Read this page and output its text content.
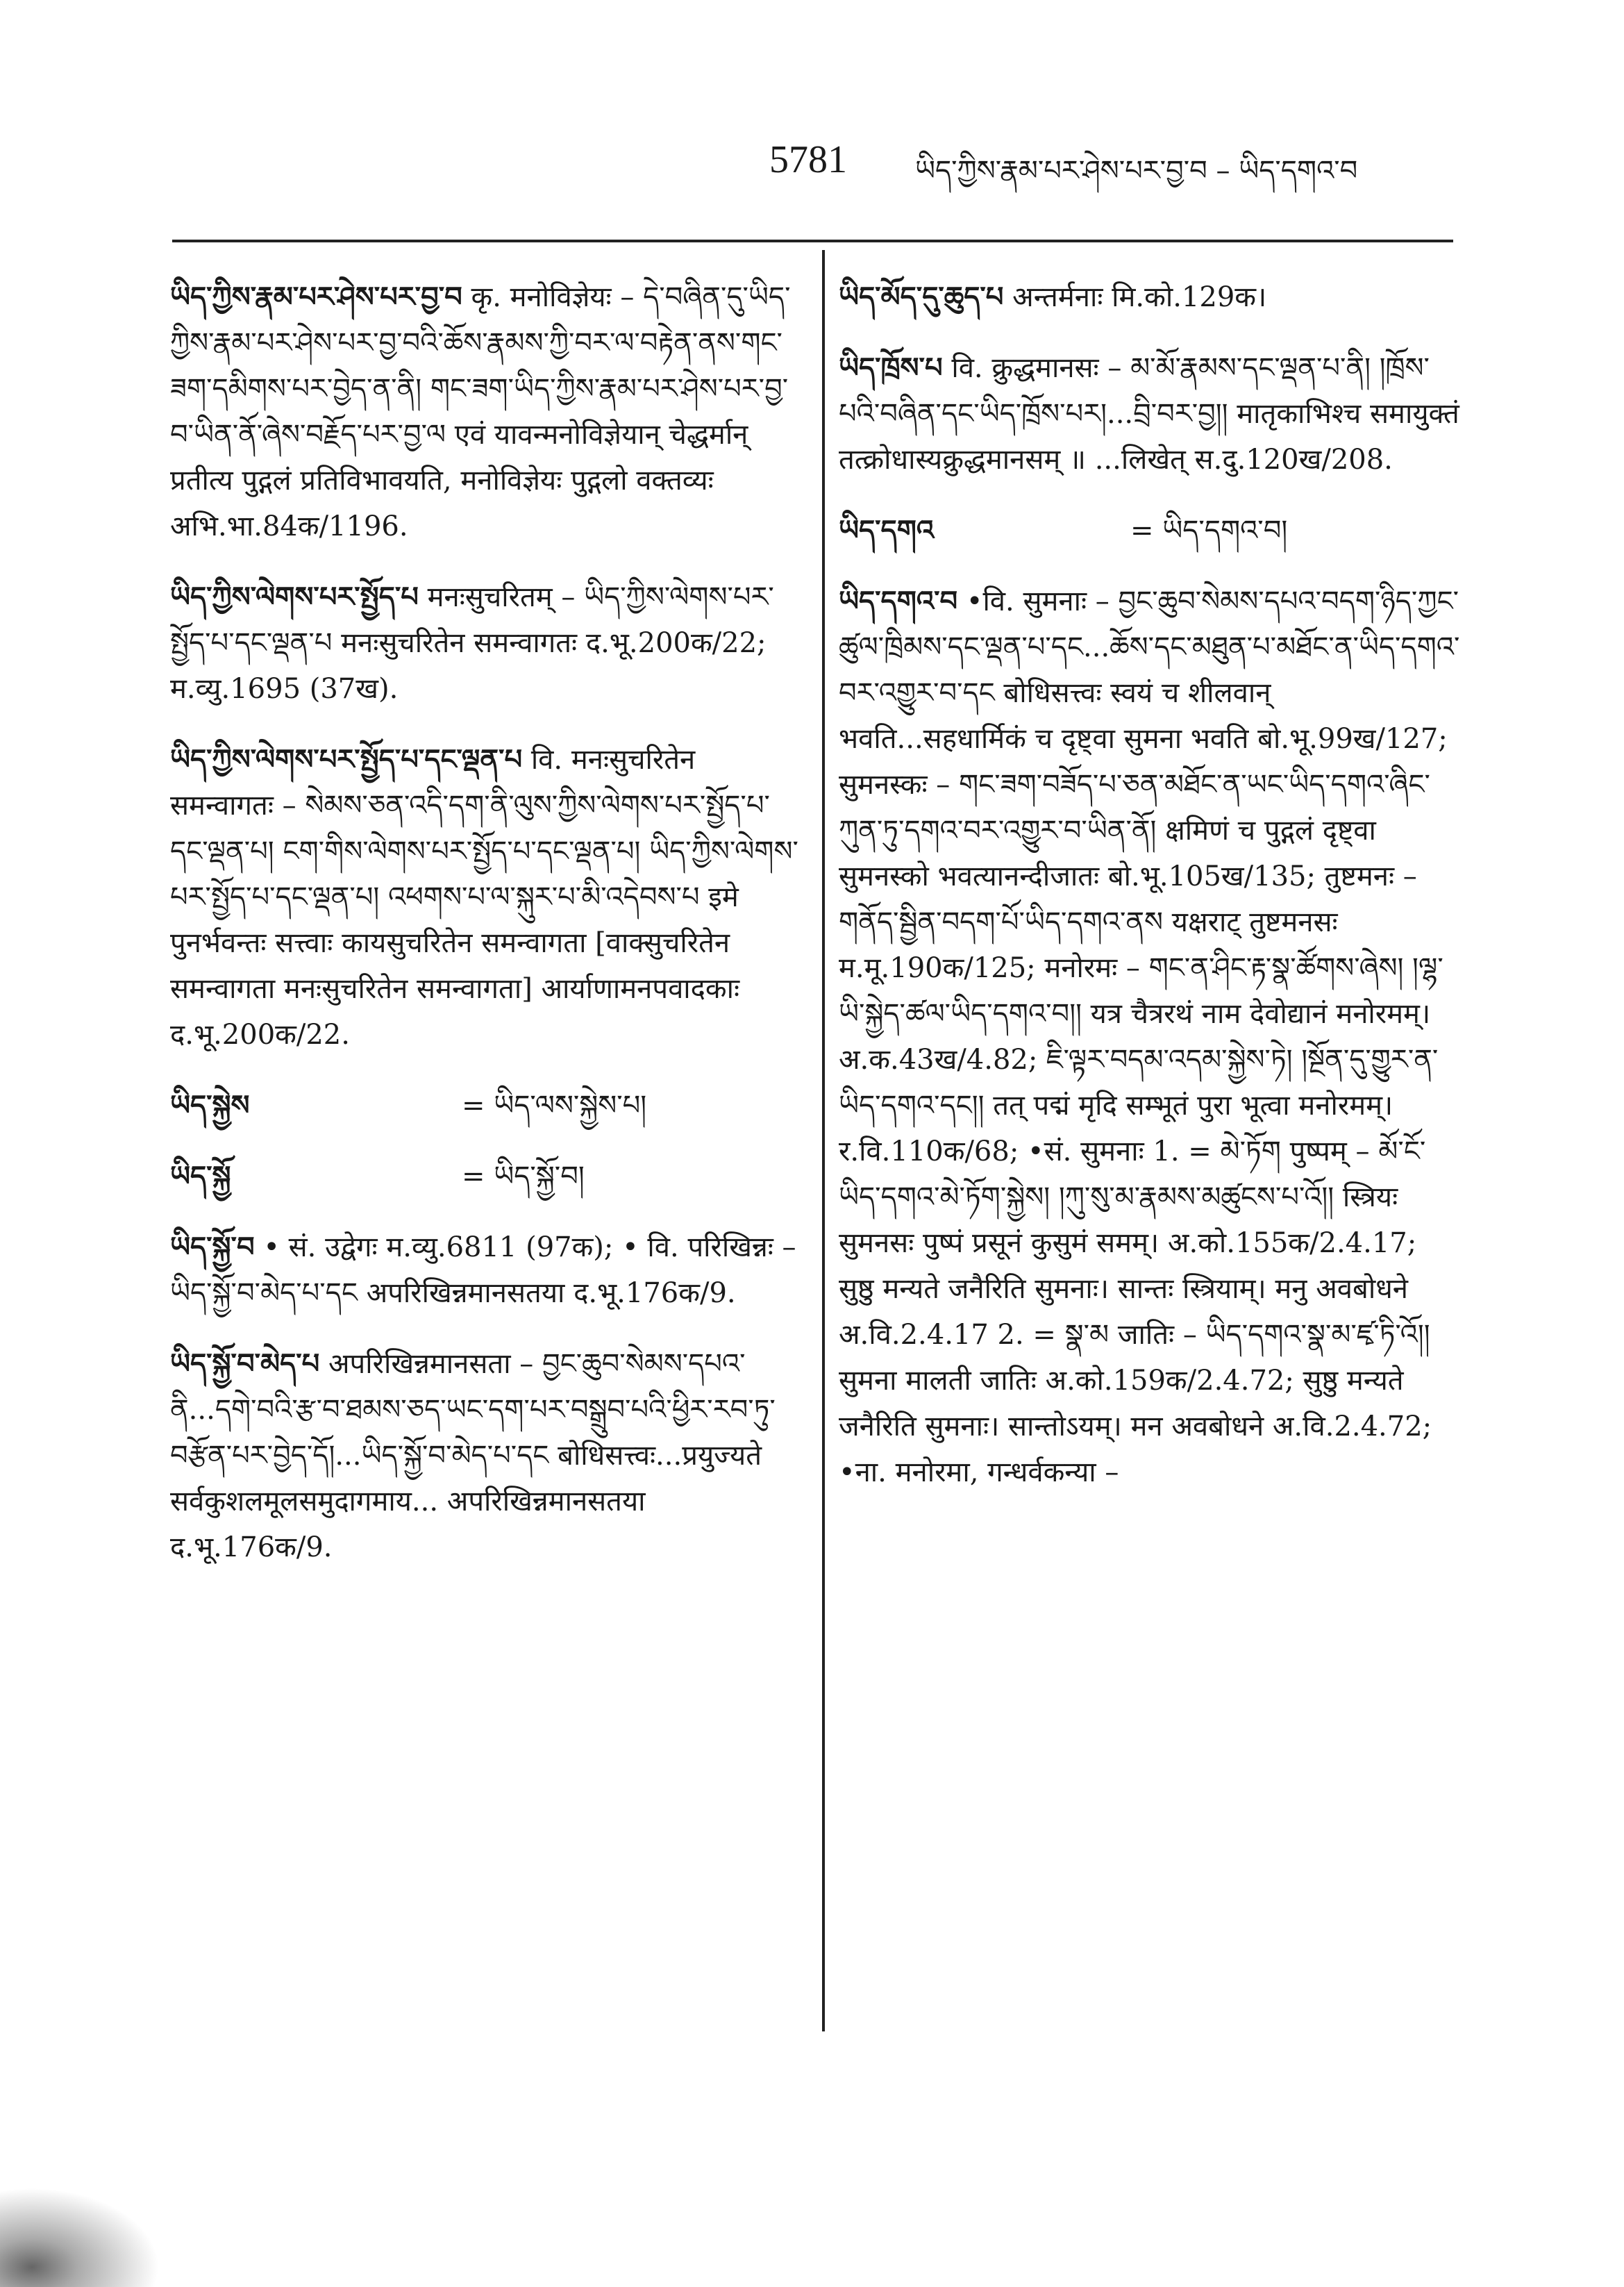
5781 ཡིད་ཀྱིས་རྣམ་པར་ཤེས་པར་བྱ་བ – ཡིད་དགའ་བ
ཡིད་ཀྱིས་རྣམ་པར་ཤེས་པར་བྱ་བ कृ. मनोविज्ञेयः – དེ་བཞིན་དུ་ཡིད་ཀྱིས་རྣམ་པར་ཤེས་པར་བྱ་བའི་ཆོས་རྣམས་ཀྱི་བར་ལ་བརྟེན་ནས་གང་ཟག་དམིགས་པར་བྱེད་ན་ནི། གང་ཟག་ཡིད་ཀྱིས་རྣམ་པར་ཤེས་པར་བྱ་བ་ཡིན་ནོ་ཞེས་བརྗོད་པར་བྱ་ལ एवं यावन्मनोविज्ञेयान् चेद्धर्मान् प्रतीत्य पुद्गलं प्रतिविभावयति, मनोविज्ञेयः पुद्गलो वक्तव्यः अभि.भा.84क/1196.
ཡིད་ཀྱིས་ལེགས་པར་སྤྱོད་པ मनःसुचरितम् – ཡིད་ཀྱིས་ལེགས་པར་སྤྱོད་པ་དང་ལྡན་པ मनःसुचरितेन समन्वागतः द.भू.200क/22; म.व्यु.1695 (37ख).
ཡིད་ཀྱིས་ལེགས་པར་སྤྱོད་པ་དང་ལྡན་པ वि. मनःसुचरितेन समन्वागतः – སེམས་ཅན་འདི་དག་ནི་ལུས་ཀྱིས་ལེགས་པར་སྤྱོད་པ་དང་ལྡན་པ། ངག་གིས་ལེགས་པར་སྤྱོད་པ་དང་ལྡན་པ། ཡིད་ཀྱིས་ལེགས་པར་སྤྱོད་པ་དང་ལྡན་པ། འཕགས་པ་ལ་སྐུར་པ་མི་འདེབས་པ इमे पुनर्भवन्तः सत्त्वाः कायसुचरितेन समन्वागता [वाक्सुचरितेन समन्वागता मनःसुचरितेन समन्वागता] आर्याणामनपवादकाः द.भू.200क/22.
ཡིད་སྐྱེས	= ཡིད་ལས་སྐྱེས་པ།
ཡིད་སྐྱོ	= ཡིད་སྐྱོ་བ།
ཡིད་སྐྱོ་བ • सं. उद्वेगः म.व्यु.6811 (97क); • वि. परिखिन्नः – ཡིད་སྐྱོ་བ་མེད་པ་དང अपरिखिन्नमानसतया द.भू.176क/9.
ཡིད་སྐྱོ་བ་མེད་པ अपरिखिन्नमानसता – བྱང་ཆུབ་སེམས་དཔའ་ནི...དགེ་བའི་རྩ་བ་ཐམས་ཅད་ཡང་དག་པར་བསྒྲུབ་པའི་ཕྱིར་རབ་ཏུ་བརྩོན་པར་བྱེད་དོ།...ཡིད་སྐྱོ་བ་མེད་པ་དང बोधिसत्त्वः...प्रयुज्यते सर्वकुशलमूलसमुदागमाय... अपरिखिन्नमानसतया द.भू.176क/9.
ཡིད་མོད་དུ་ཆུད་པ अन्तर्मनाः मि.को.129क।
ཡིད་ཁྲོས་པ वि. क्रुद्धमानसः – མ་མོ་རྣམས་དང་ལྡན་པ་ནི། །ཁྲོས་པའི་བཞིན་དང་ཡིད་ཁྲོས་པར།...བྲི་བར་བྱ།། मातृकाभिश्च समायुक्तं तत्क्रोधास्यक्रुद्धमानसम् ॥ ...लिखेत् स.दु.120ख/208.
ཡིད་དགའ	= ཡིད་དགའ་བ།
ཡིད་དགའ་བ •वि. सुमनाः – བྱང་ཆུབ་སེམས་དཔའ་བདག་ཉིད་ཀྱང་ཚུལ་ཁྲིམས་དང་ལྡན་པ་དང...ཆོས་དང་མཐུན་པ་མཐོང་ན་ཡིད་དགའ་བར་འགྱུར་བ་དང बोधिसत्त्वः स्वयं च शीलवान् भवति...सहधार्मिकं च दृष्ट्वा सुमना भवति बो.भू.99ख/127; सुमनस्कः – གང་ཟག་བཟོད་པ་ཅན་མཐོང་ན་ཡང་ཡིད་དགའ་ཞིང་ཀུན་ཏུ་དགའ་བར་འགྱུར་བ་ཡིན་ནོ། क्षमिणं च पुद्गलं दृष्ट्वा सुमनस्को भवत्यानन्दीजातः बो.भू.105ख/135; तुष्टमनः – གནོད་སྦྱིན་བདག་པོ་ཡིད་དགའ་ནས यक्षराट् तुष्टमनसः म.मू.190क/125; मनोरमः – གང་ན་ཤིང་རྟ་སྣ་ཚོགས་ཞེས། །ལྷ་ཡི་སྐྱེད་ཚལ་ཡིད་དགའ་བ།། यत्र चैत्ररथं नाम देवोद्यानं मनोरमम्। अ.क.43ख/4.82; ཇི་ལྟར་བདམ་འདམ་སྐྱེས་ཏེ། །སྔོན་དུ་གྱུར་ན་ཡིད་དགའ་དང།། तत् पद्मं मृदि सम्भूतं पुरा भूत्वा मनोरमम्। र.वि.110क/68; •सं. सुमनाः 1. = མེ་ཏོག पुष्पम् – མོ་ངོ་ཡིད་དགའ་མེ་ཏོག་སྐྱེས། །ཀུ་སུ་མ་རྣམས་མཚུངས་པ་འོ།། स्त्रियः सुमनसः पुष्पं प्रसूनं कुसुमं समम्। अ.को.155क/2.4.17; सुष्ठु मन्यते जनैरिति सुमनाः। सान्तः स्त्रियाम्। मनु अवबोधने अ.वि.2.4.17 2. = སྣ་མ जातिः – ཡིད་དགའ་སྣ་མ་ཛྭ་ཏི་འོ།། सुमना मालती जातिः अ.को.159क/2.4.72; सुष्ठु मन्यते जनैरिति सुमनाः। सान्तोऽयम्। मन अवबोधने अ.वि.2.4.72; •ना. मनोरमा, गन्धर्वकन्या –
